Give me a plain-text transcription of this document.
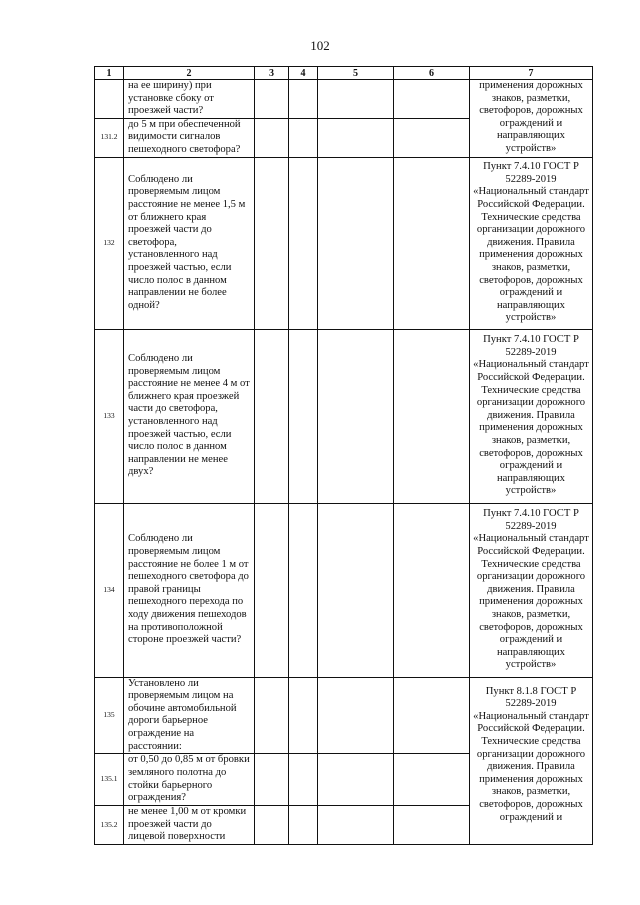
102
1	2	3	4	5	6	7
	на ее ширину) при установке сбоку от проезжей части?					применения дорожных знаков, разметки, светофоров, дорожных ограждений и направляющих устройств»
131.2	до 5 м при обеспеченной видимости сигналов пешеходного светофора?					
132	Соблюдено ли проверяемым лицом расстояние не менее 1,5 м от ближнего края проезжей части до светофора, установленного над проезжей частью, если число полос в данном направлении не более одной?					Пункт 7.4.10 ГОСТ Р 52289-2019 «Национальный стандарт Российской Федерации. Технические средства организации дорожного движения. Правила применения дорожных знаков, разметки, светофоров, дорожных ограждений и направляющих устройств»
133	Соблюдено ли проверяемым лицом расстояние не менее 4 м от ближнего края проезжей части до светофора, установленного над проезжей частью, если число полос в данном направлении не менее двух?					Пункт 7.4.10 ГОСТ Р 52289-2019 «Национальный стандарт Российской Федерации. Технические средства организации дорожного движения. Правила применения дорожных знаков, разметки, светофоров, дорожных ограждений и направляющих устройств»
134	Соблюдено ли проверяемым лицом расстояние не более 1 м от пешеходного светофора до правой границы пешеходного перехода по ходу движения пешеходов на противоположной стороне проезжей части?					Пункт 7.4.10 ГОСТ Р 52289-2019 «Национальный стандарт Российской Федерации. Технические средства организации дорожного движения. Правила применения дорожных знаков, разметки, светофоров, дорожных ограждений и направляющих устройств»
135	Установлено ли проверяемым лицом на обочине автомобильной дороги барьерное ограждение на расстоянии:					Пункт 8.1.8 ГОСТ Р 52289-2019 «Национальный стандарт Российской Федерации. Технические средства организации дорожного движения. Правила применения дорожных знаков, разметки, светофоров, дорожных ограждений и
135.1	от 0,50 до 0,85 м от бровки земляного полотна до стойки барьерного ограждения?					
135.2	не менее 1,00 м от кромки проезжей части до лицевой поверхности					
